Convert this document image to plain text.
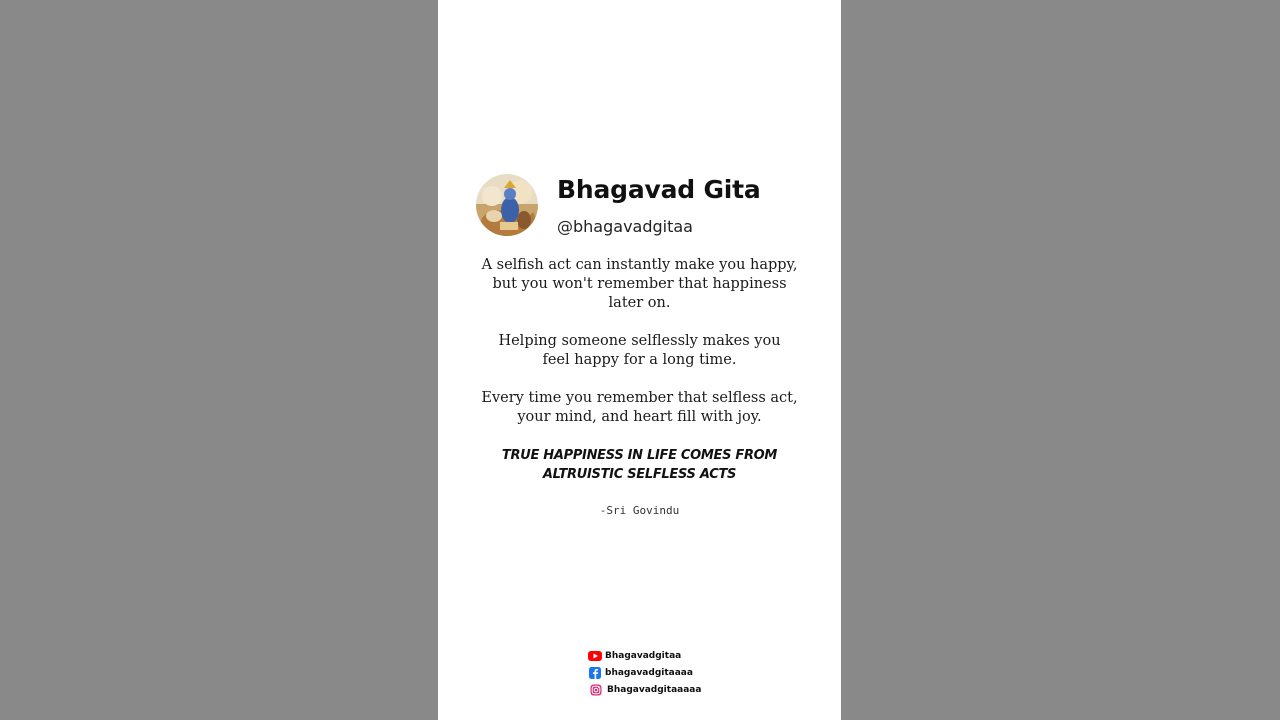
Bhagavad Gita
@bhagavadgitaa
A selfish act can instantly make you happy,
but you won't remember that happiness
later on.
Helping someone selflessly makes you
feel happy for a long time.
Every time you remember that selfless act,
your mind, and heart fill with joy.
TRUE HAPPINESS IN LIFE COMES FROM
ALTRUISTIC SELFLESS ACTS
-Sri Govindu
Bhagavadgitaa
bhagavadgitaaaa
Bhagavadgitaaaaa
